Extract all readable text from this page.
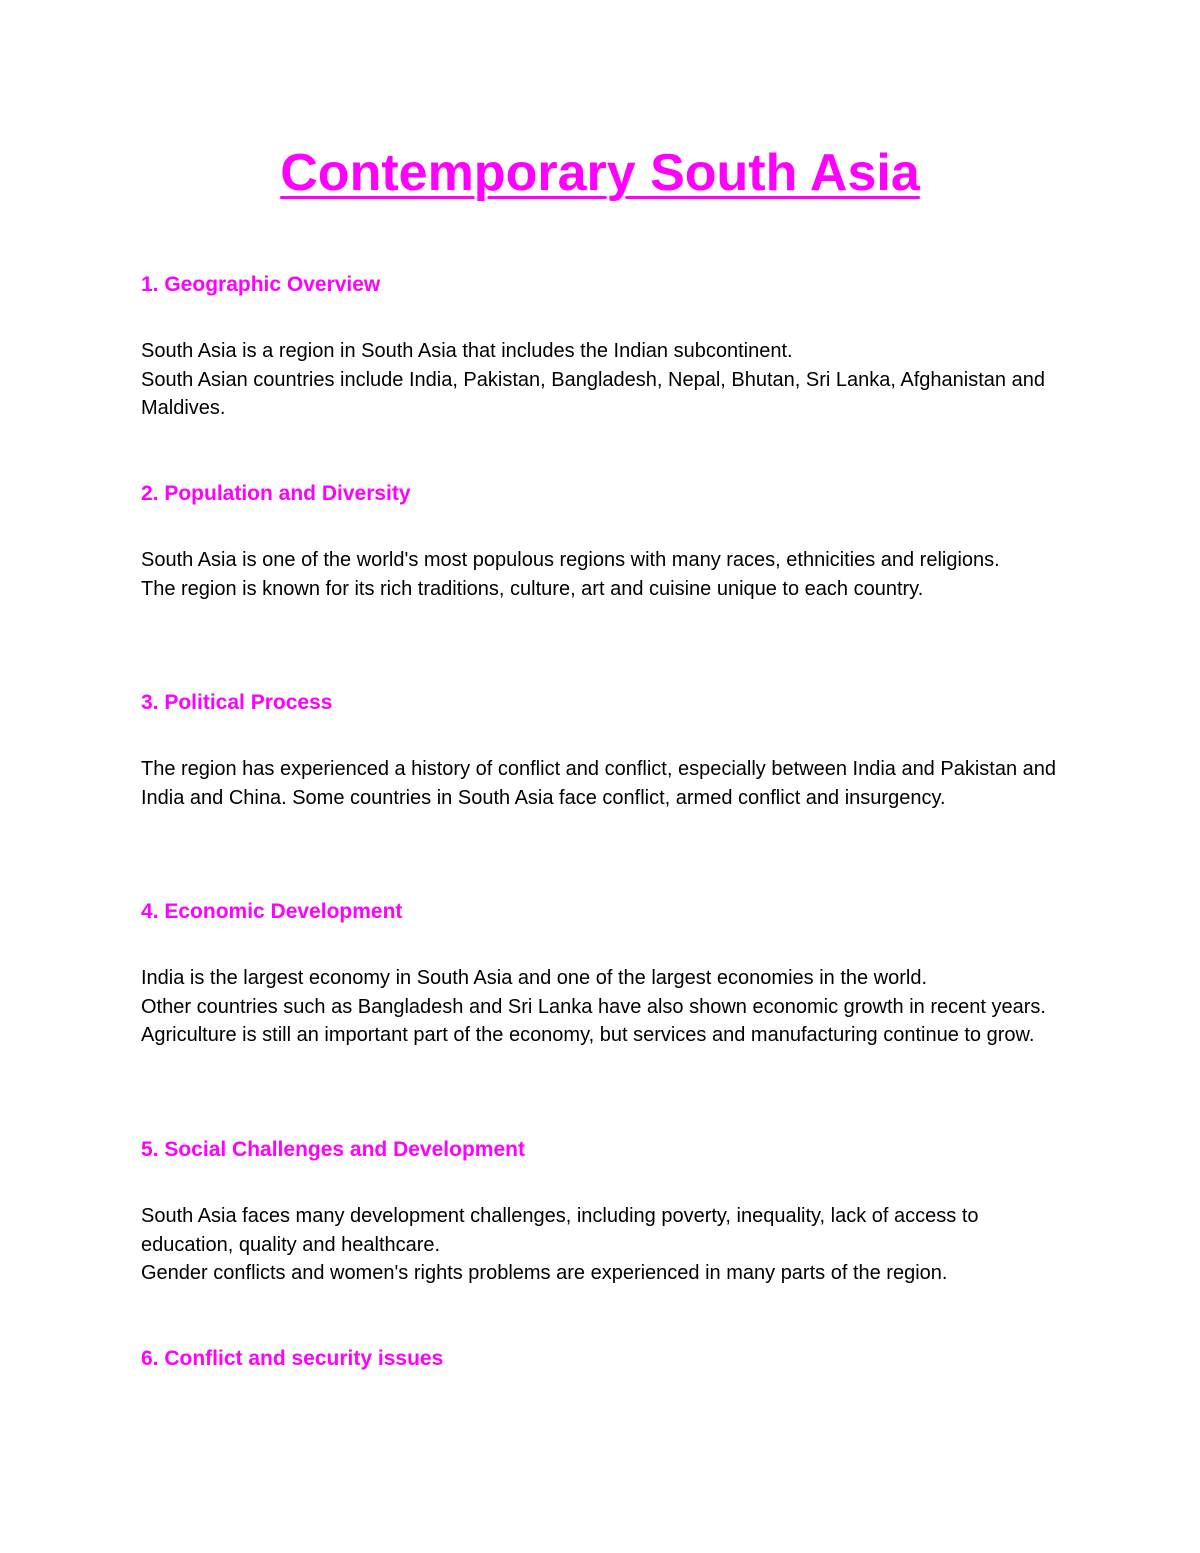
Contemporary South Asia
1. Geographic Overview

South Asia is a region in South Asia that includes the Indian subcontinent.

South Asian countries include India, Pakistan, Bangladesh, Nepal, Bhutan, Sri Lanka, Afghanistan and Maldives.

2. Population and Diversity

South Asia is one of the world's most populous regions with many races, ethnicities and religions.

The region is known for its rich traditions, culture, art and cuisine unique to each country.

3. Political Process

The region has experienced a history of conflict and conflict, especially between India and Pakistan and India and China. Some countries in South Asia face conflict, armed conflict and insurgency.

4. Economic Development

India is the largest economy in South Asia and one of the largest economies in the world.

Other countries such as Bangladesh and Sri Lanka have also shown economic growth in recent years. Agriculture is still an important part of the economy, but services and manufacturing continue to grow.

5. Social Challenges and Development

South Asia faces many development challenges, including poverty, inequality, lack of access to education, quality and healthcare.

Gender conflicts and women's rights problems are experienced in many parts of the region.

6. Conflict and security issues
